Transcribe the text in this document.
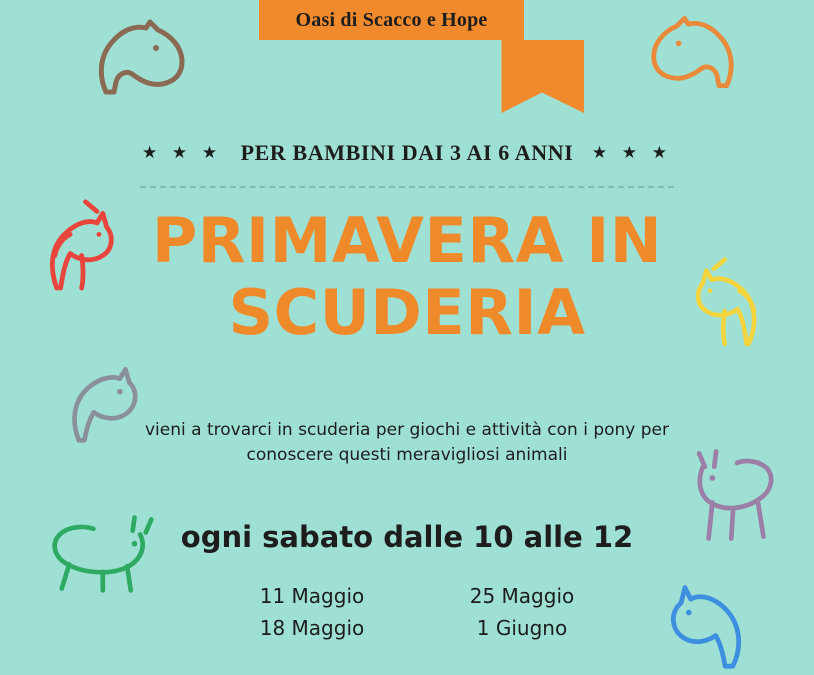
Oasi di Scacco e Hope
★ ★ ★ PER BAMBINI DAI 3 AI 6 ANNI ★ ★ ★
PRIMAVERA IN
SCUDERIA
vieni a trovarci in scuderia per giochi e attività con i pony per conoscere questi meravigliosi animali
ogni sabato dalle 10 alle 12
11 Maggio
18 Maggio
25 Maggio
1 Giugno
